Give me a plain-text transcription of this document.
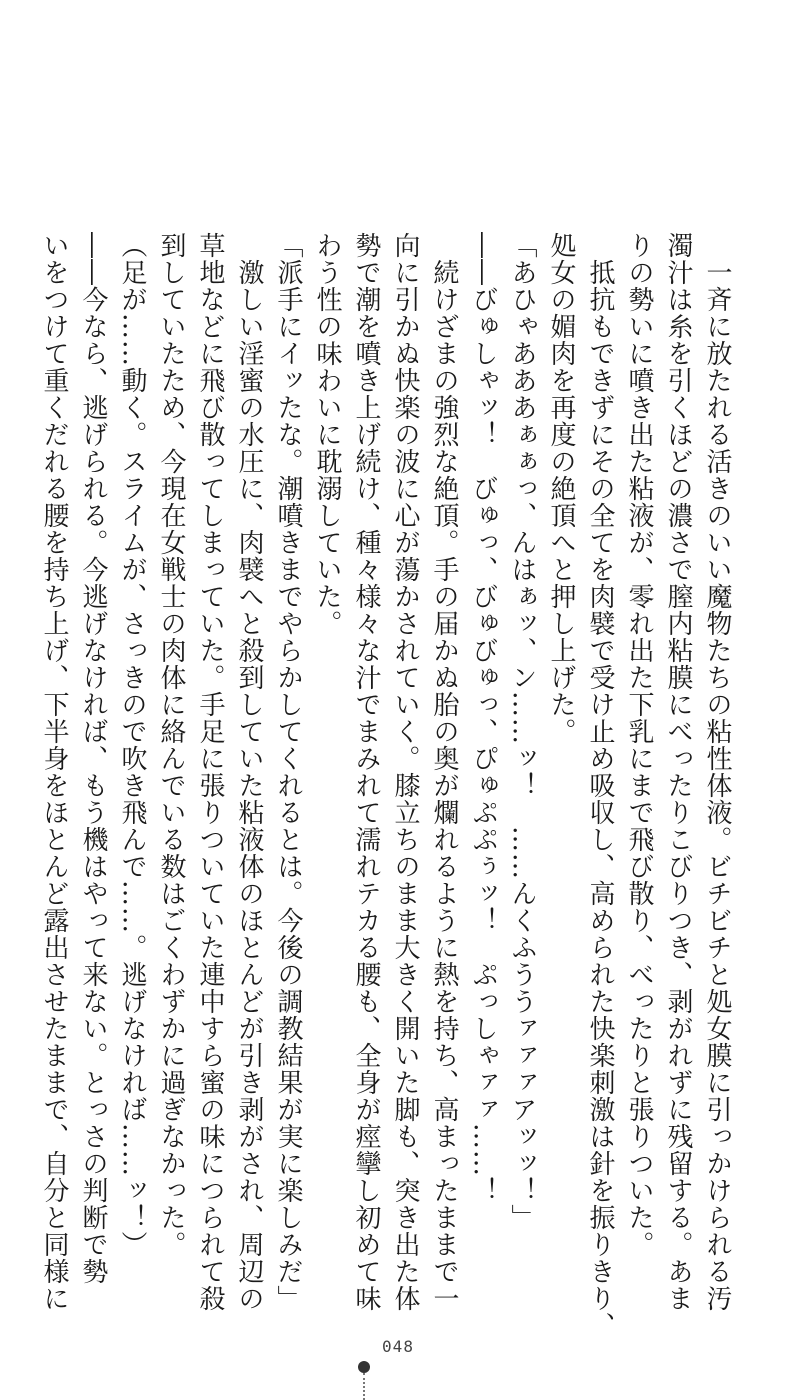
　一斉に放たれる活きのいい魔物たちの粘性体液。ビチビチと処女膜に引っかけられる汚

濁汁は糸を引くほどの濃さで膣内粘膜にべったりこびりつき、剥がれずに残留する。あま

りの勢いに噴き出た粘液が、零れ出た下乳にまで飛び散り、べったりと張りついた。

　抵抗もできずにその全てを肉襞で受け止め吸収し、高められた快楽刺激は針を振りきり、

処女の媚肉を再度の絶頂へと押し上げた。

「あひゃあああぁぁっ、んはぁッ、ン……ッ！　……んくふううァァァアッッ！」

――びゅしゃッ！　びゅっ、びゅびゅっ、ぴゅぷぷぅッ！　ぷっしゃァァ……！

　続けざまの強烈な絶頂。手の届かぬ胎の奥が爛れるように熱を持ち、高まったままで一

向に引かぬ快楽の波に心が蕩かされていく。膝立ちのまま大きく開いた脚も、突き出た体

勢で潮を噴き上げ続け、種々様々な汁でまみれて濡れテカる腰も、全身が痙攣し初めて味

わう性の味わいに耽溺していた。

「派手にイッたな。潮噴きまでやらかしてくれるとは。今後の調教結果が実に楽しみだ」

　激しい淫蜜の水圧に、肉襞へと殺到していた粘液体のほとんどが引き剥がされ、周辺の

草地などに飛び散ってしまっていた。手足に張りついていた連中すら蜜の味につられて殺

到していたため、今現在女戦士の肉体に絡んでいる数はごくわずかに過ぎなかった。

（足が……動く。スライムが、さっきので吹き飛んで……。逃げなければ……ッ！）

――今なら、逃げられる。今逃げなければ、もう機はやって来ない。とっさの判断で勢

いをつけて重くだれる腰を持ち上げ、下半身をほとんど露出させたままで、自分と同様に

048
